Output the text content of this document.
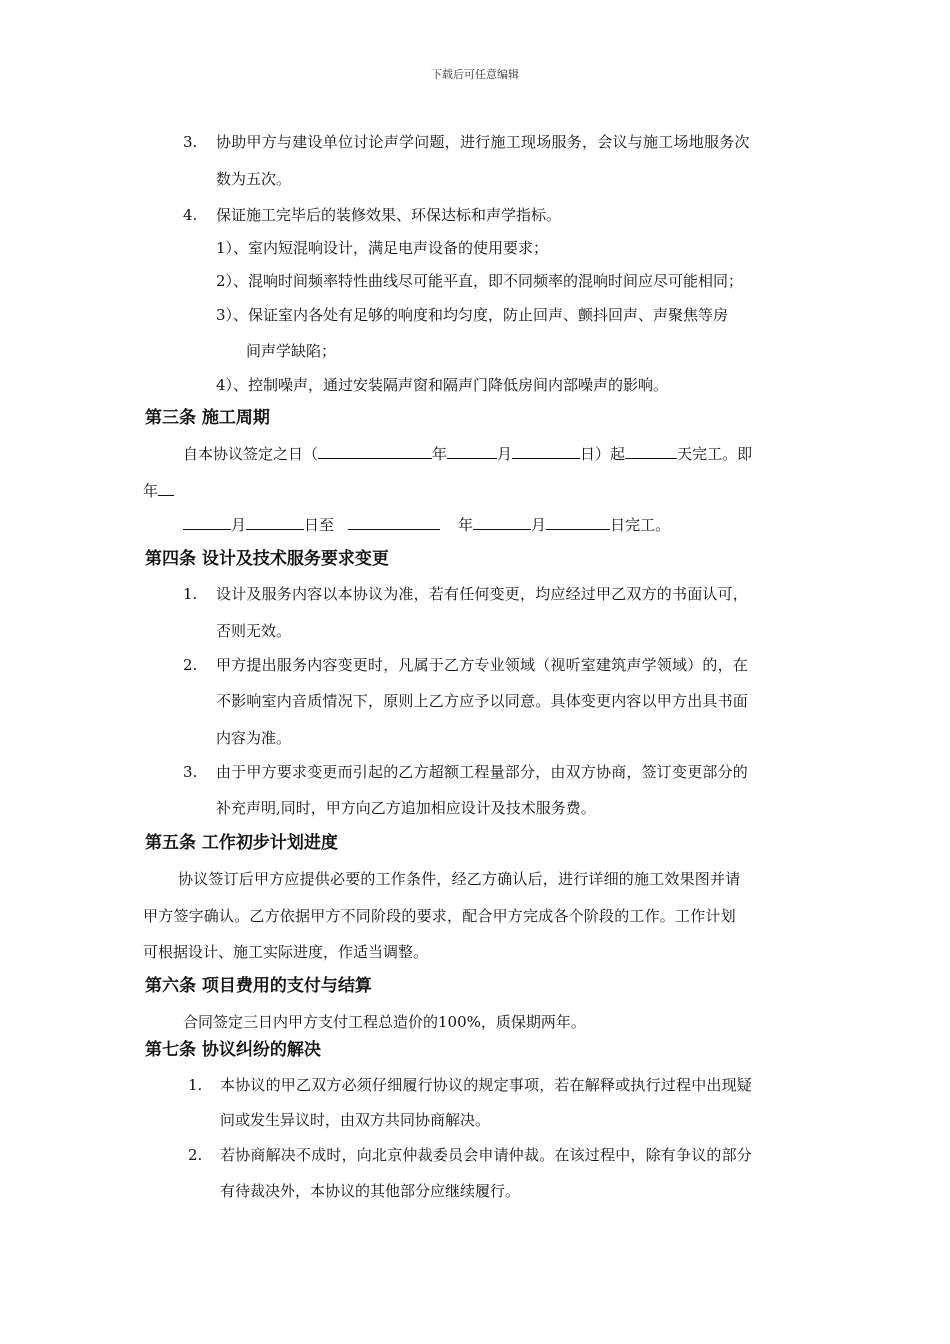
下载后可任意编辑
3. 协助甲方与建设单位讨论声学问题，进行施工现场服务，会议与施工场地服务次
数为五次。
4. 保证施工完毕后的装修效果、环保达标和声学指标。
1）、室内短混响设计，满足电声设备的使用要求；
2）、混响时间频率特性曲线尽可能平直，即不同频率的混响时间应尽可能相同；
3）、保证室内各处有足够的响度和均匀度，防止回声、颤抖回声、声聚焦等房
间声学缺陷；
4）、控制噪声，通过安装隔声窗和隔声门降低房间内部噪声的影响。
第三条 施工周期
自本协议签定之日（	年	月	日）起	天完工。即
年
月	日至	年	月	日完工。
第四条 设计及技术服务要求变更
1. 设计及服务内容以本协议为准，若有任何变更，均应经过甲乙双方的书面认可，
否则无效。
2. 甲方提出服务内容变更时，凡属于乙方专业领域（视听室建筑声学领域）的，在
不影响室内音质情况下，原则上乙方应予以同意。具体变更内容以甲方出具书面
内容为准。
3. 由于甲方要求变更而引起的乙方超额工程量部分，由双方协商，签订变更部分的
补充声明,同时，甲方向乙方追加相应设计及技术服务费。
第五条 工作初步计划进度
协议签订后甲方应提供必要的工作条件，经乙方确认后，进行详细的施工效果图并请
甲方签字确认。乙方依据甲方不同阶段的要求，配合甲方完成各个阶段的工作。工作计划
可根据设计、施工实际进度，作适当调整。
第六条 项目费用的支付与结算
合同签定三日内甲方支付工程总造价的100%，质保期两年。
第七条 协议纠纷的解决
1. 本协议的甲乙双方必须仔细履行协议的规定事项，若在解释或执行过程中出现疑
问或发生异议时，由双方共同协商解决。
2. 若协商解决不成时，向北京仲裁委员会申请仲裁。在该过程中，除有争议的部分
有待裁决外，本协议的其他部分应继续履行。
